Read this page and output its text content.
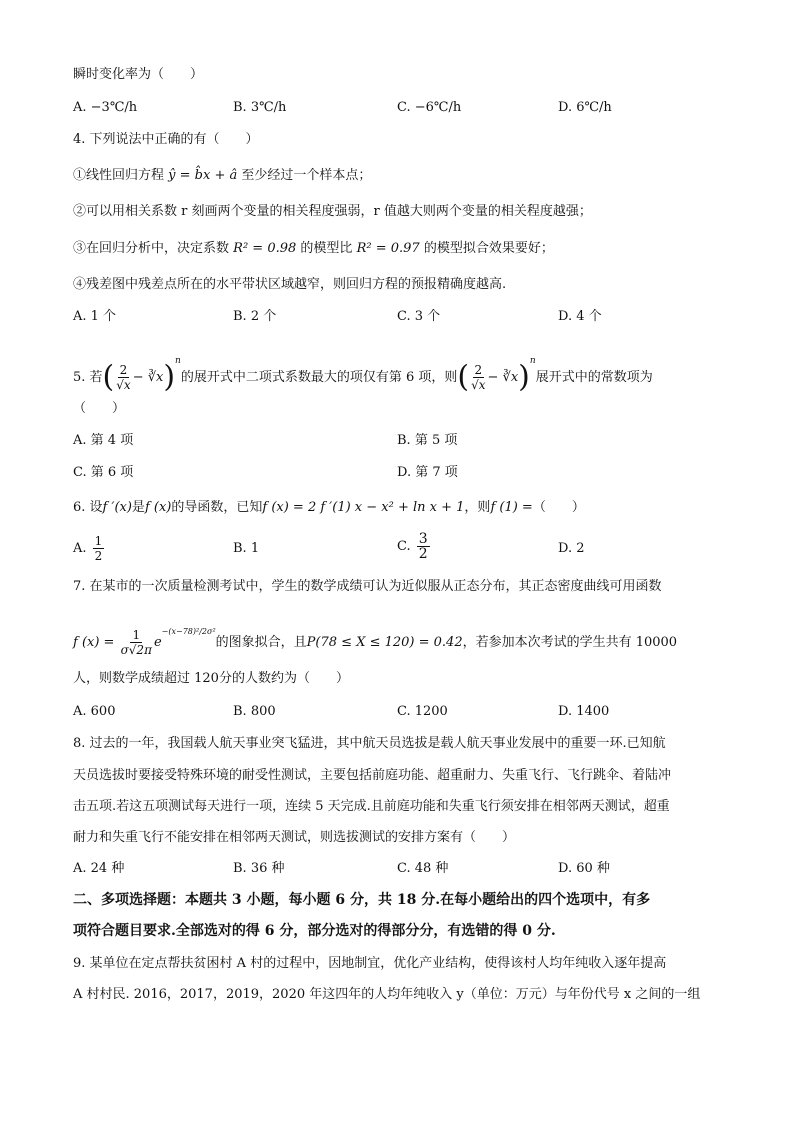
瞬时变化率为（　　）
A. −3℃/h	B. 3℃/h	C. −6℃/h	D. 6℃/h
4. 下列说法中正确的有（　　）
①线性回归方程 ŷ = b̂x + â 至少经过一个样本点；
②可以用相关系数 r 刻画两个变量的相关程度强弱，r 值越大则两个变量的相关程度越强；
③在回归分析中，决定系数 R² = 0.98 的模型比 R² = 0.97 的模型拟合效果要好；
④残差图中残差点所在的水平带状区域越窄，则回归方程的预报精确度越高.
A. 1 个	B. 2 个	C. 3 个	D. 4 个
5. 若( $\frac{2}{√x}$ − ∛x)$^n$的展开式中二项式系数最大的项仅有第 6 项，则( $\frac{2}{√x}$ − ∛x)$^n$展开式中的常数项为
（　　）
A. 第 4 项	B. 第 5 项
C. 第 6 项	D. 第 7 项
6. 设f ′(x)是f (x)的导函数，已知f (x) = 2 f ′(1) x − x² + ln x + 1，则f (1) =（　　）
A. $\frac{1}{2}$	B. 1	C. $\frac{3}{2}$	D. 2
7. 在某市的一次质量检测考试中，学生的数学成绩可认为近似服从正态分布，其正态密度曲线可用函数
f $(x) = \frac{1}{\sigma√2\pi} e^{-(x-78)^2/2\sigma^2}$的图象拟合，且P(78 ≤ X ≤ 120) = 0.42，若参加本次考试的学生共有 10000
人，则数学成绩超过 120分的人数约为（　　）
A. 600	B. 800	C. 1200	D. 1400
8. 过去的一年，我国载人航天事业突飞猛进，其中航天员选拔是载人航天事业发展中的重要一环.已知航
天员选拔时要接受特殊环境的耐受性测试，主要包括前庭功能、超重耐力、失重飞行、飞行跳伞、着陆冲
击五项.若这五项测试每天进行一项，连续 5 天完成.且前庭功能和失重飞行须安排在相邻两天测试，超重
耐力和失重飞行不能安排在相邻两天测试，则选拔测试的安排方案有（　　）
A. 24 种	B. 36 种	C. 48 种	D. 60 种
二、多项选择题：本题共 3 小题，每小题 6 分，共 18 分.在每小题给出的四个选项中，有多
项符合题目要求.全部选对的得 6 分，部分选对的得部分分，有选错的得 0 分.
9. 某单位在定点帮扶贫困村 A 村的过程中，因地制宜，优化产业结构，使得该村人均年纯收入逐年提高
A 村村民. 2016，2017，2019，2020 年这四年的人均年纯收入 y（单位：万元）与年份代号 x 之间的一组
